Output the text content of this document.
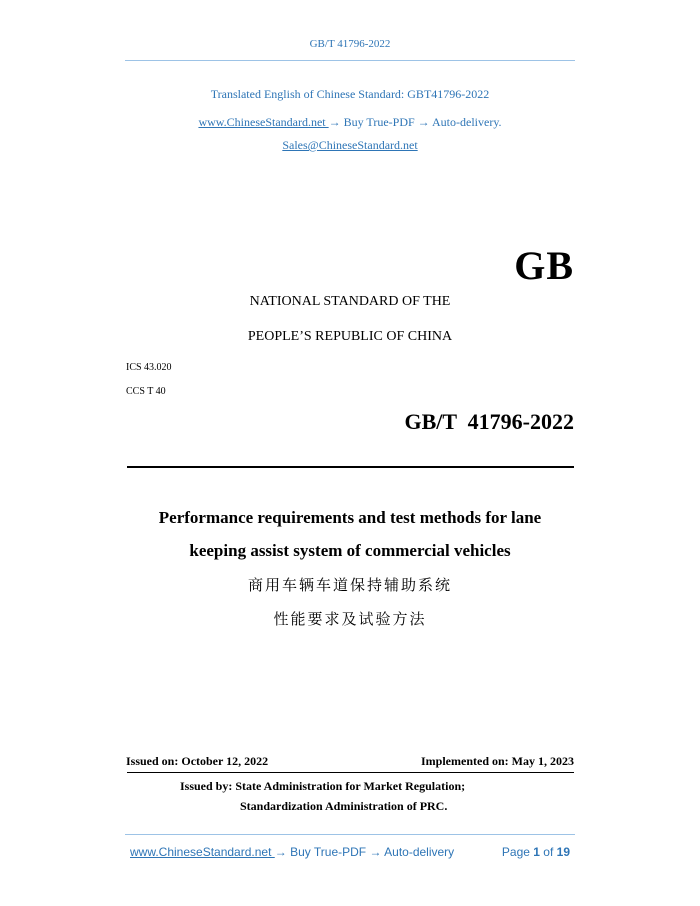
GB/T 41796-2022
Translated English of Chinese Standard: GBT41796-2022
www.ChineseStandard.net → Buy True-PDF → Auto-delivery.
Sales@ChineseStandard.net
GB
NATIONAL STANDARD OF THE
PEOPLE’S REPUBLIC OF CHINA
ICS 43.020
CCS T 40
GB/T  41796-2022
Performance requirements and test methods for lane
keeping assist system of commercial vehicles
商用车辆车道保持辅助系统
性能要求及试验方法
Issued on: October 12, 2022	Implemented on: May 1, 2023
Issued by: State Administration for Market Regulation;
Standardization Administration of PRC.
www.ChineseStandard.net → Buy True-PDF → Auto-delivery	Page 1 of 19
